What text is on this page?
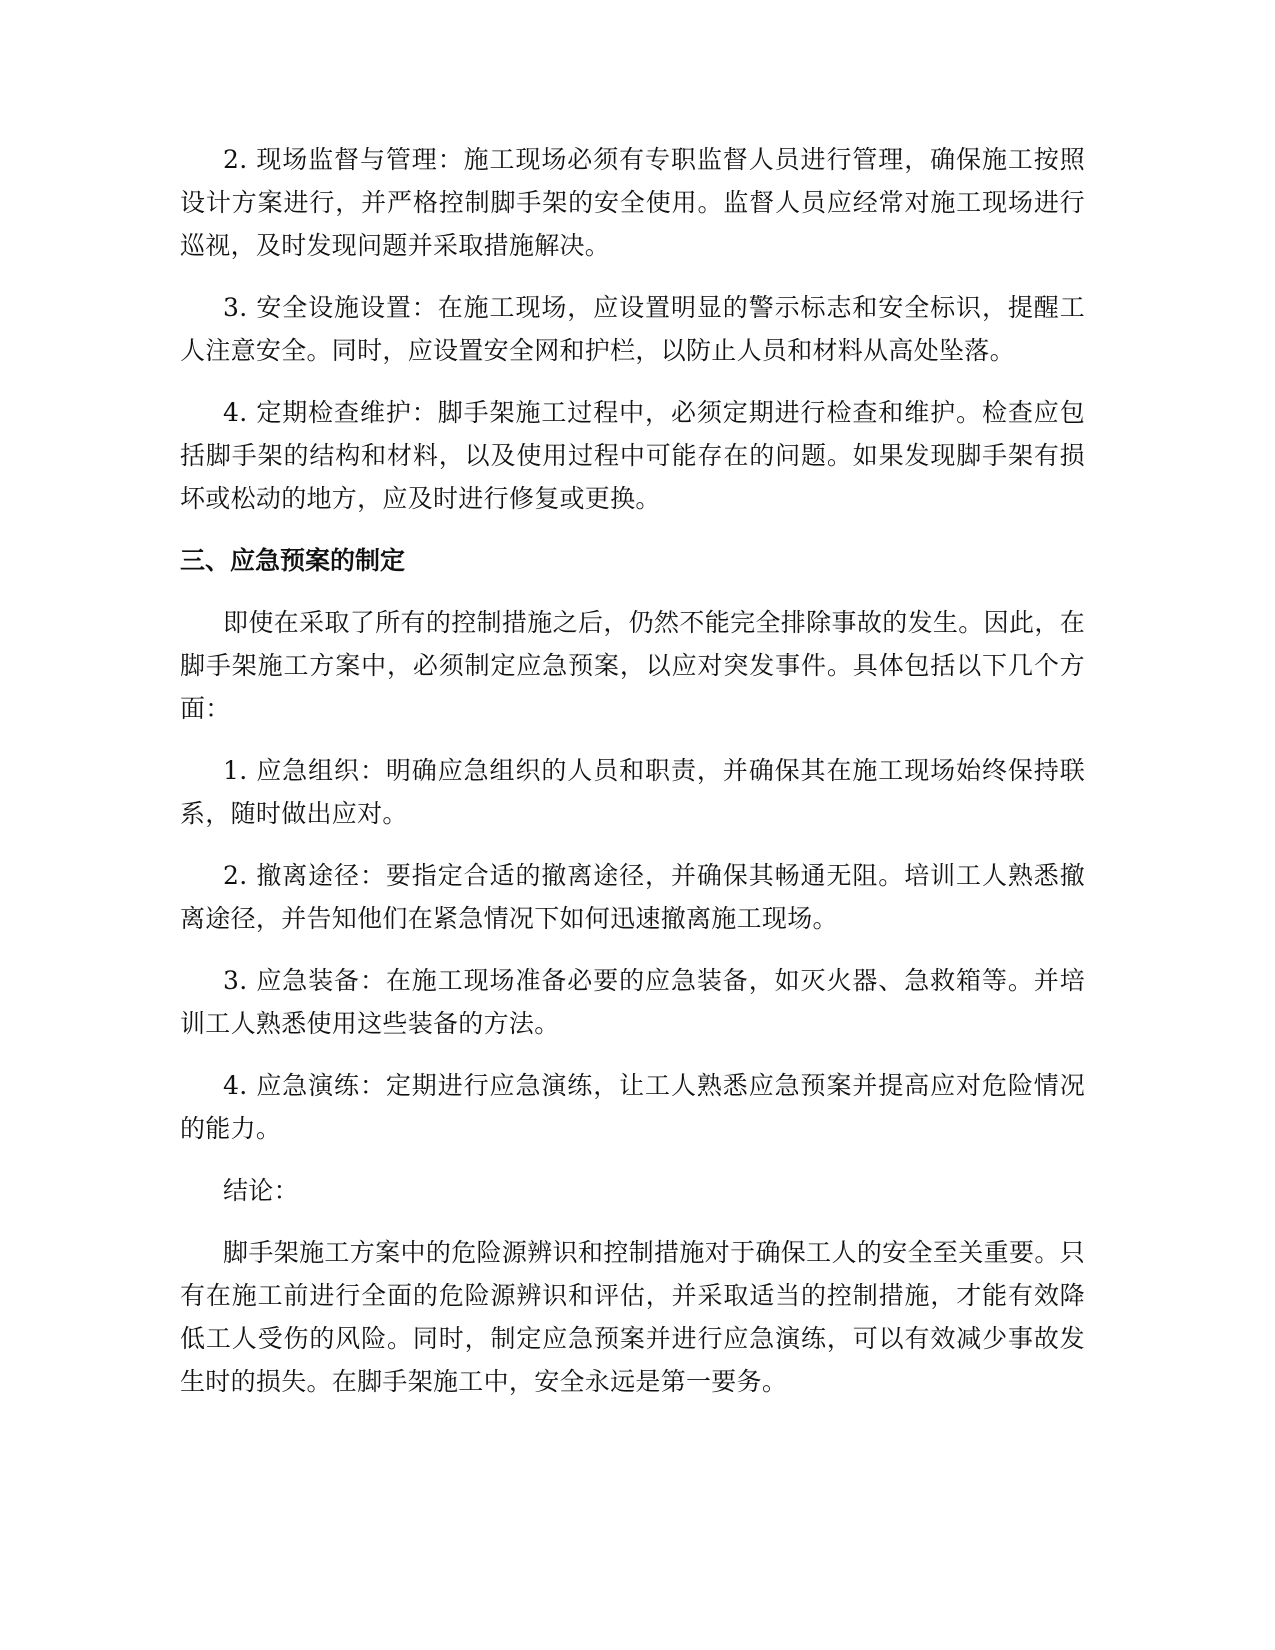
2. 现场监督与管理：施工现场必须有专职监督人员进行管理，确保施工按照设计方案进行，并严格控制脚手架的安全使用。监督人员应经常对施工现场进行巡视，及时发现问题并采取措施解决。

3. 安全设施设置：在施工现场，应设置明显的警示标志和安全标识，提醒工人注意安全。同时，应设置安全网和护栏，以防止人员和材料从高处坠落。

4. 定期检查维护：脚手架施工过程中，必须定期进行检查和维护。检查应包括脚手架的结构和材料，以及使用过程中可能存在的问题。如果发现脚手架有损坏或松动的地方，应及时进行修复或更换。

三、应急预案的制定

即使在采取了所有的控制措施之后，仍然不能完全排除事故的发生。因此，在脚手架施工方案中，必须制定应急预案，以应对突发事件。具体包括以下几个方面：

1. 应急组织：明确应急组织的人员和职责，并确保其在施工现场始终保持联系，随时做出应对。

2. 撤离途径：要指定合适的撤离途径，并确保其畅通无阻。培训工人熟悉撤离途径，并告知他们在紧急情况下如何迅速撤离施工现场。

3. 应急装备：在施工现场准备必要的应急装备，如灭火器、急救箱等。并培训工人熟悉使用这些装备的方法。

4. 应急演练：定期进行应急演练，让工人熟悉应急预案并提高应对危险情况的能力。

结论：

脚手架施工方案中的危险源辨识和控制措施对于确保工人的安全至关重要。只有在施工前进行全面的危险源辨识和评估，并采取适当的控制措施，才能有效降低工人受伤的风险。同时，制定应急预案并进行应急演练，可以有效减少事故发生时的损失。在脚手架施工中，安全永远是第一要务。
